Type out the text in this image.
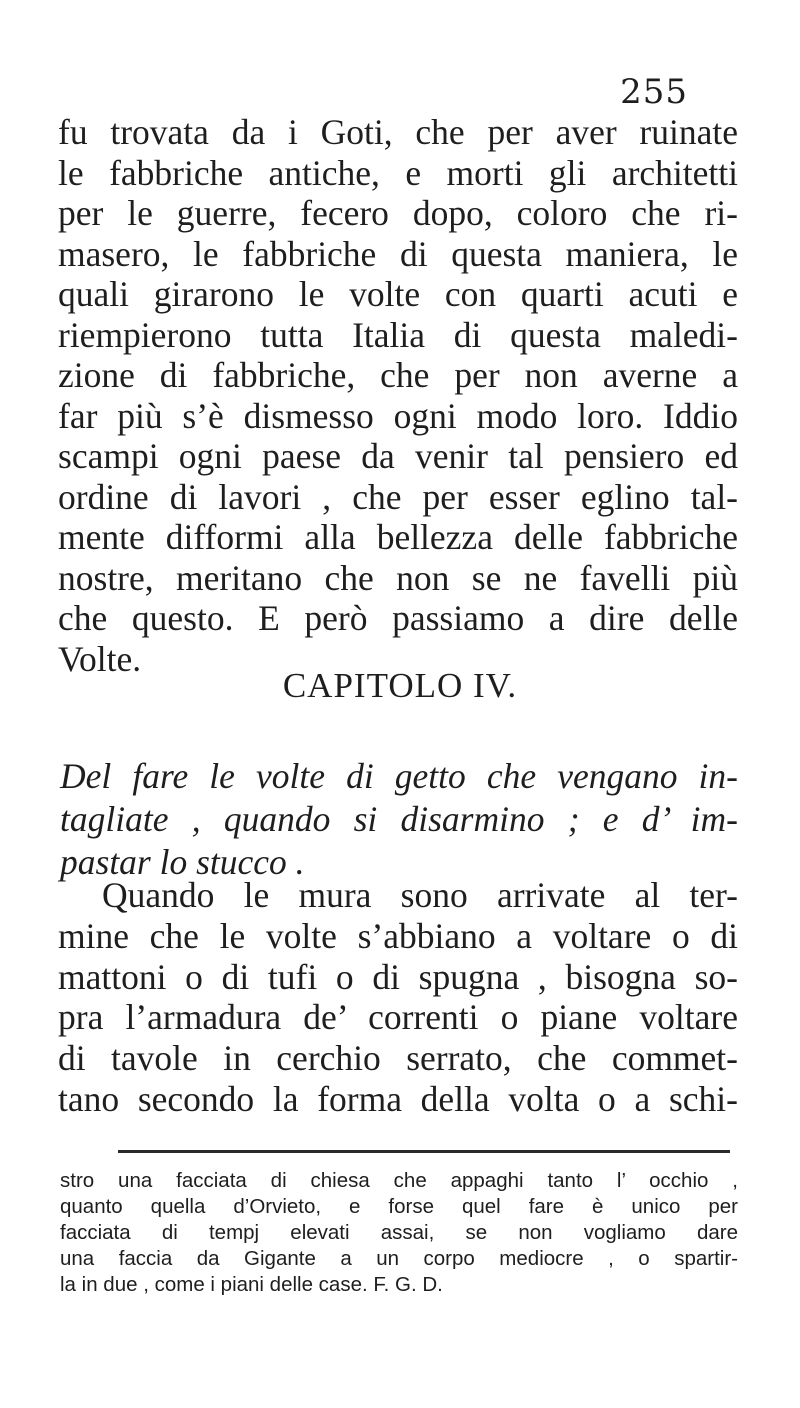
255
fu trovata da i Goti, che per aver ruinate
le fabbriche antiche, e morti gli architetti
per le guerre, fecero dopo, coloro che ri-
masero, le fabbriche di questa maniera, le
quali girarono le volte con quarti acuti e
riempierono tutta Italia di questa maledi-
zione di fabbriche, che per non averne a
far più s’è dismesso ogni modo loro. Iddio
scampi ogni paese da venir tal pensiero ed
ordine di lavori , che per esser eglino tal-
mente difformi alla bellezza delle fabbriche
nostre, meritano che non se ne favelli più
che questo. E però passiamo a dire delle
Volte.
CAPITOLO IV.
Del fare le volte di getto che vengano in-
tagliate , quando si disarmino ; e d’ im-
pastar lo stucco .
Quando le mura sono arrivate al ter-
mine che le volte s’abbiano a voltare o di
mattoni o di tufi o di spugna , bisogna so-
pra l’armadura de’ correnti o piane voltare
di tavole in cerchio serrato, che commet-
tano secondo la forma della volta o a schi-
stro una facciata di chiesa che appaghi tanto l’ occhio ,
quanto quella d’Orvieto, e forse quel fare è unico per
facciata di tempj elevati assai, se non vogliamo dare
una faccia da Gigante a un corpo mediocre , o spartir-
la in due , come i piani delle case. F. G. D.
